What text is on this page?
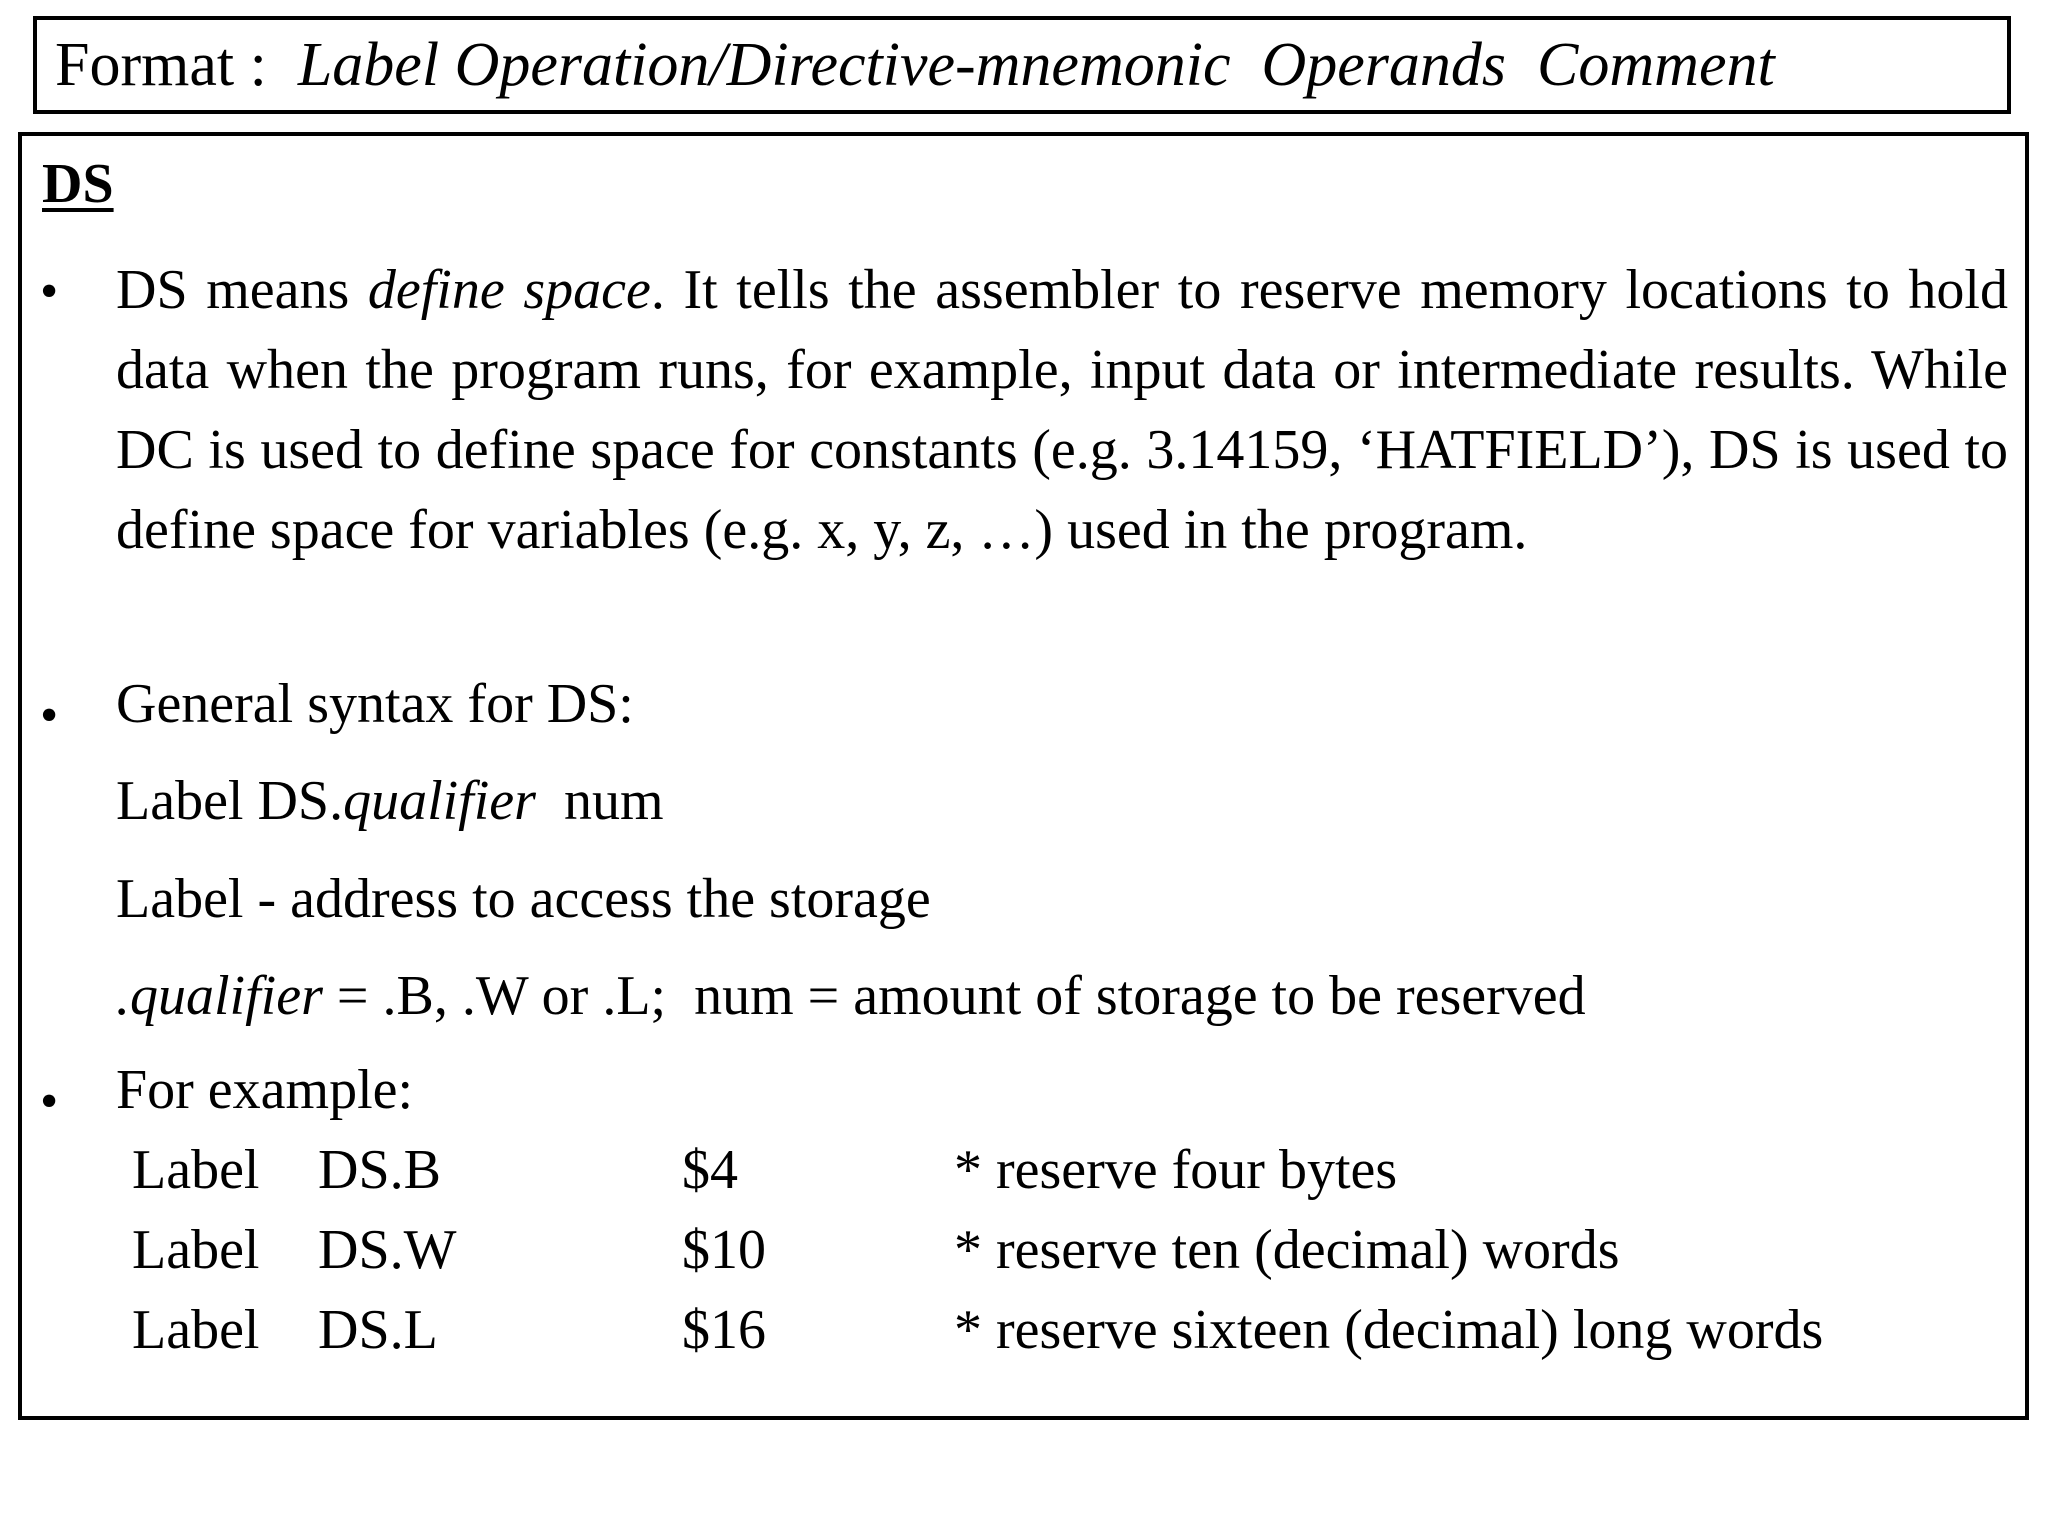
Format :  Label Operation/Directive-mnemonic Operands Comment
DS
• DS means define space. It tells the assembler to reserve memory locations to hold data when the program runs, for example, input data or intermediate results. While DC is used to define space for constants (e.g. 3.14159, ‘HATFIELD’), DS is used to define space for variables (e.g. x, y, z, …) used in the program.
• General syntax for DS:
Label DS.qualifier num
Label - address to access the storage
.qualifier = .B, .W or .L;  num = amount of storage to be reserved
• For example:
Label DS.B	$4	* reserve four bytes
Label DS.W	$10	* reserve ten (decimal) words
Label DS.L	$16	* reserve sixteen (decimal) long words
